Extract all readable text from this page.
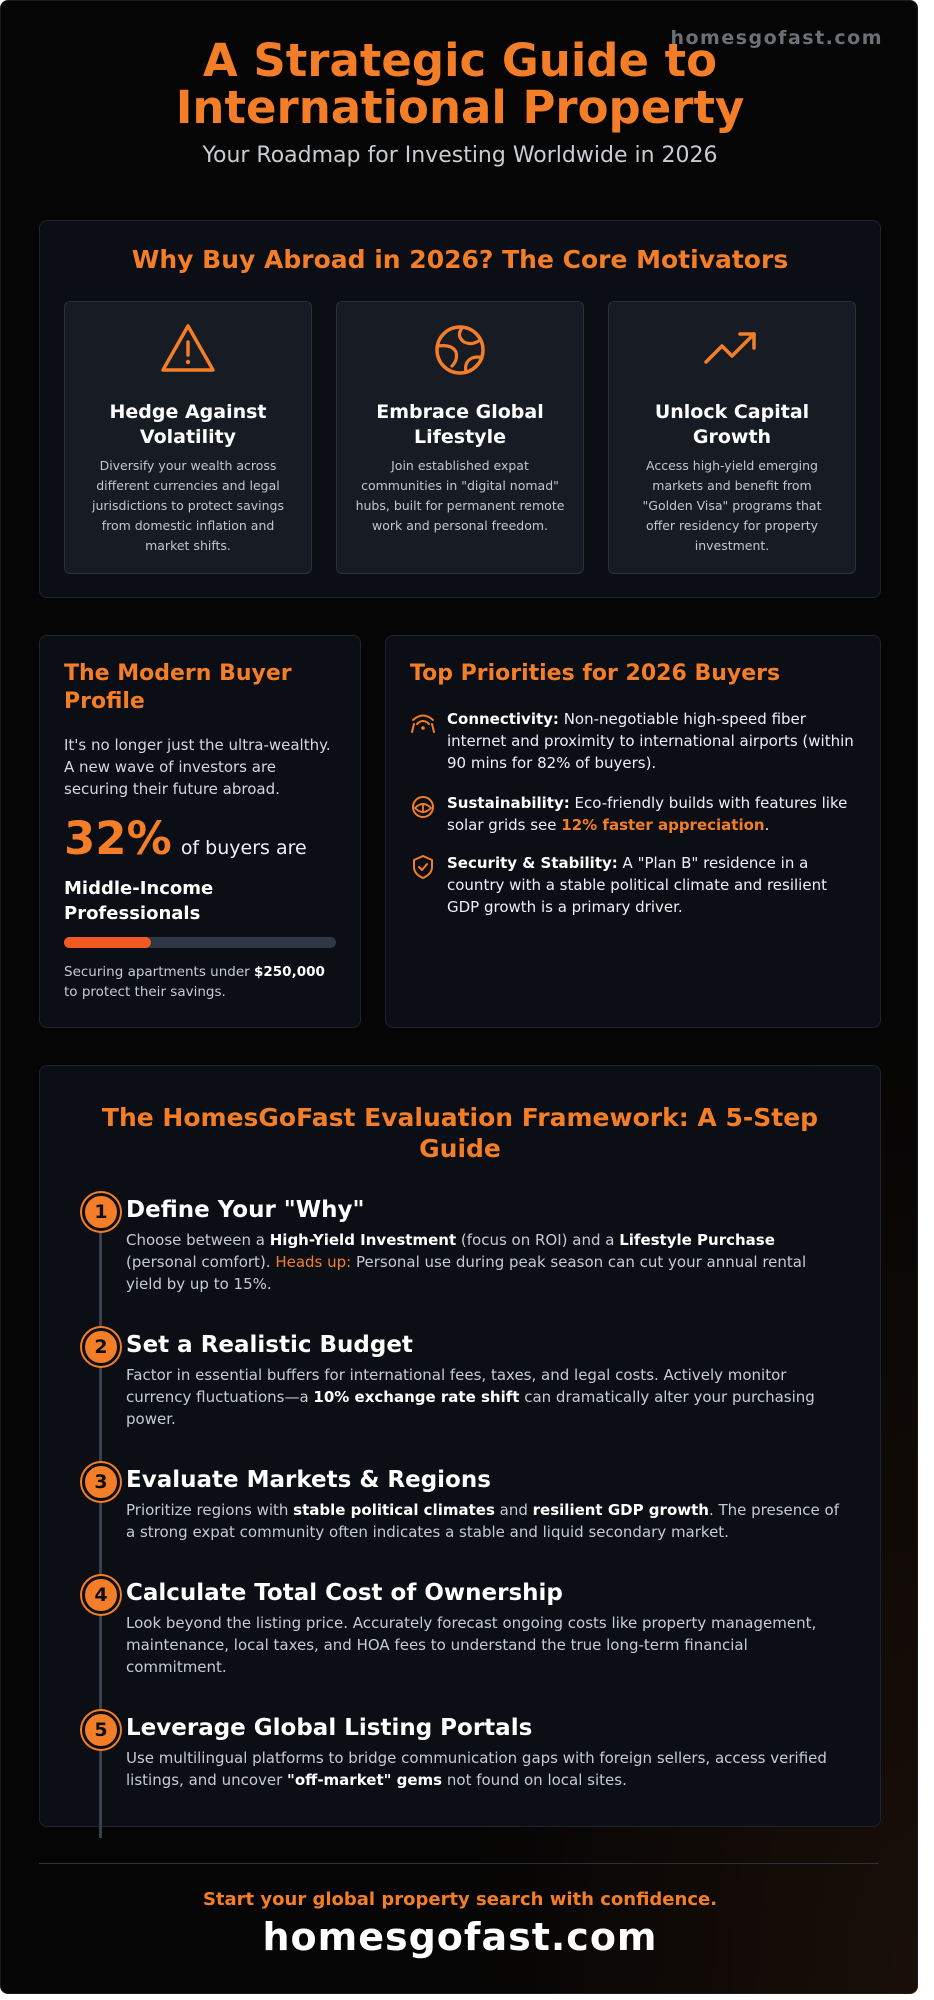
homesgofast.com
A Strategic Guide to
International Property
Your Roadmap for Investing Worldwide in 2026
Why Buy Abroad in 2026? The Core Motivators
Hedge Against Volatility

Diversify your wealth across different currencies and legal jurisdictions to protect savings from domestic inflation and market shifts.

Embrace Global Lifestyle

Join established expat communities in "digital nomad" hubs, built for permanent remote work and personal freedom.

Unlock Capital Growth

Access high-yield emerging markets and benefit from "Golden Visa" programs that offer residency for property investment.

The Modern Buyer Profile
It's no longer just the ultra-wealthy. A new wave of investors are securing their future abroad.
32% of buyers are
Middle-Income Professionals
Securing apartments under $250,000 to protect their savings.
Top Priorities for 2026 Buyers
Connectivity: Non-negotiable high-speed fiber internet and proximity to international airports (within 90 mins for 82% of buyers).
Sustainability: Eco-friendly builds with features like solar grids see 12% faster appreciation.
Security & Stability: A "Plan B" residence in a country with a stable political climate and resilient GDP growth is a primary driver.
The HomesGoFast Evaluation Framework: A 5-Step Guide
1 Define Your "Why"

Choose between a High-Yield Investment (focus on ROI) and a Lifestyle Purchase (personal comfort). Heads up: Personal use during peak season can cut your annual rental yield by up to 15%.

2 Set a Realistic Budget

Factor in essential buffers for international fees, taxes, and legal costs. Actively monitor currency fluctuations—a 10% exchange rate shift can dramatically alter your purchasing power.

3 Evaluate Markets & Regions

Prioritize regions with stable political climates and resilient GDP growth. The presence of a strong expat community often indicates a stable and liquid secondary market.

4 Calculate Total Cost of Ownership

Look beyond the listing price. Accurately forecast ongoing costs like property management, maintenance, local taxes, and HOA fees to understand the true long-term financial commitment.

5 Leverage Global Listing Portals

Use multilingual platforms to bridge communication gaps with foreign sellers, access verified listings, and uncover "off-market" gems not found on local sites.

Start your global property search with confidence.
homesgofast.com
